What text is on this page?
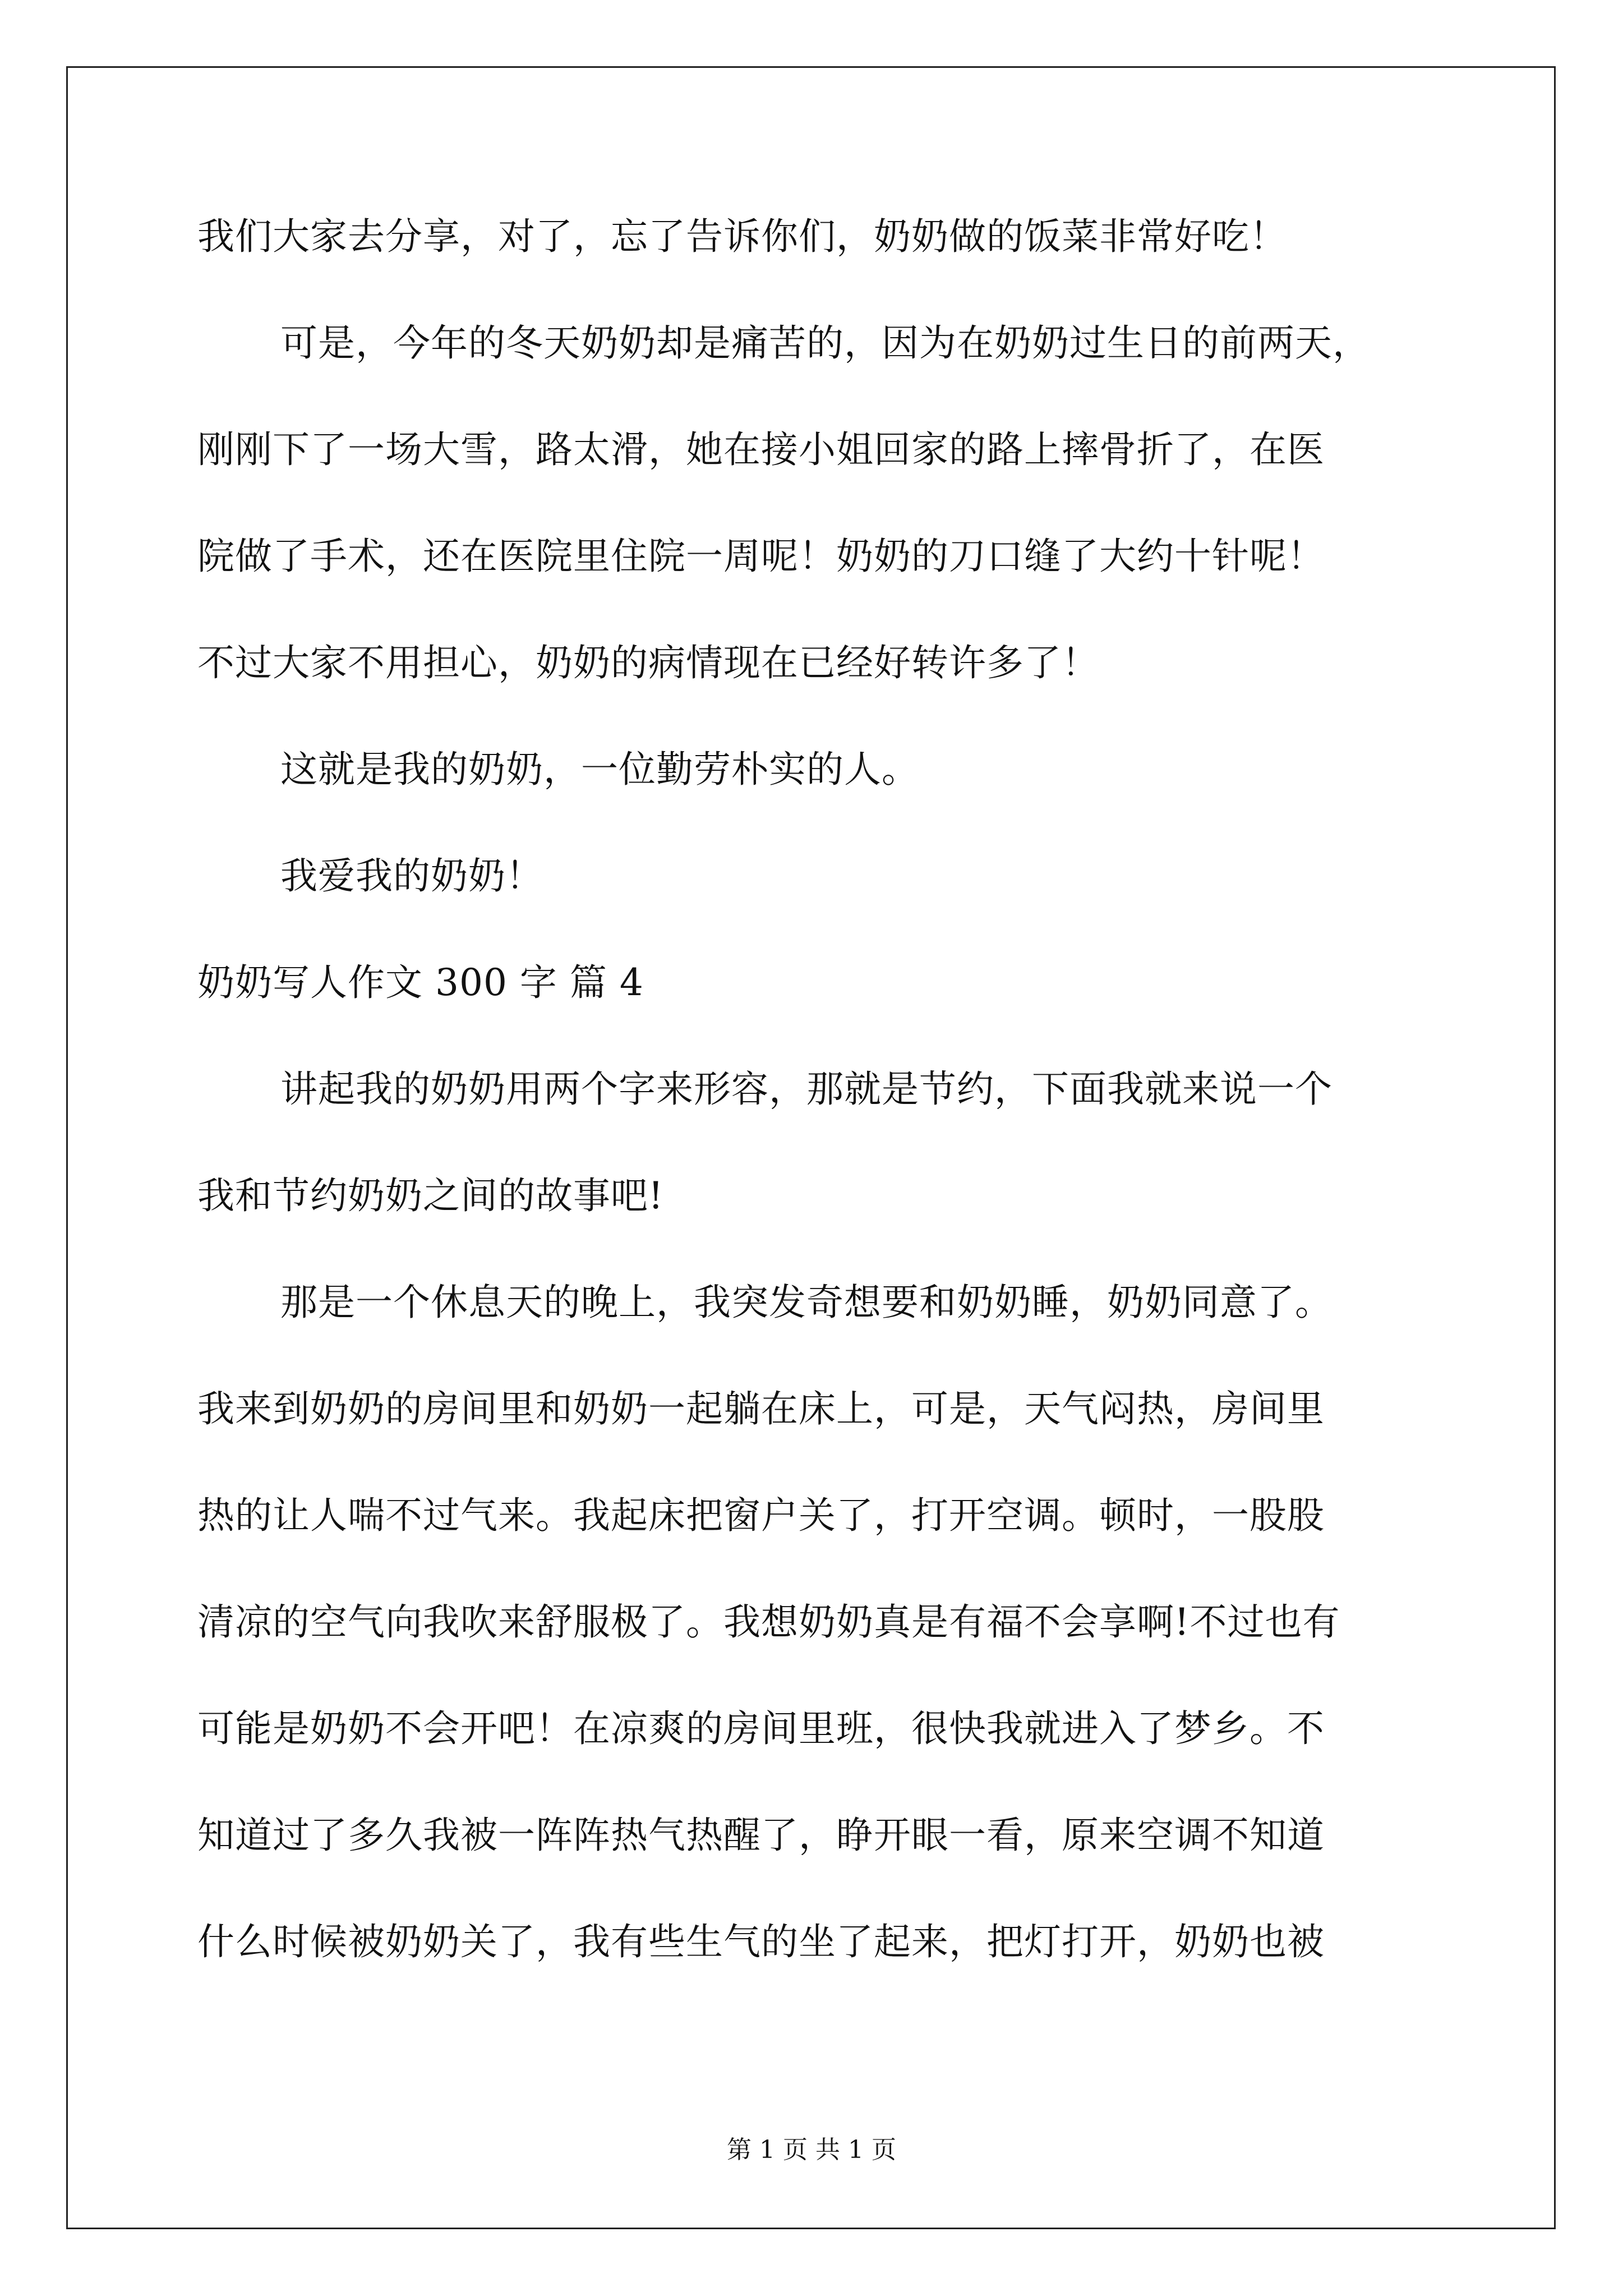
我们大家去分享，对了，忘了告诉你们，奶奶做的饭菜非常好吃！
可是，今年的冬天奶奶却是痛苦的，因为在奶奶过生日的前两天，
刚刚下了一场大雪，路太滑，她在接小姐回家的路上摔骨折了，在医
院做了手术，还在医院里住院一周呢！奶奶的刀口缝了大约十针呢！
不过大家不用担心，奶奶的病情现在已经好转许多了！
这就是我的奶奶，一位勤劳朴实的人。
我爱我的奶奶！
奶奶写人作文 300 字 篇 4
讲起我的奶奶用两个字来形容，那就是节约，下面我就来说一个
我和节约奶奶之间的故事吧!
那是一个休息天的晚上，我突发奇想要和奶奶睡，奶奶同意了。
我来到奶奶的房间里和奶奶一起躺在床上，可是，天气闷热，房间里
热的让人喘不过气来。我起床把窗户关了，打开空调。顿时，一股股
清凉的空气向我吹来舒服极了。我想奶奶真是有福不会享啊!不过也有
可能是奶奶不会开吧！在凉爽的房间里班，很快我就进入了梦乡。不
知道过了多久我被一阵阵热气热醒了，睁开眼一看，原来空调不知道
什么时候被奶奶关了，我有些生气的坐了起来，把灯打开，奶奶也被
第 1 页 共 1 页
